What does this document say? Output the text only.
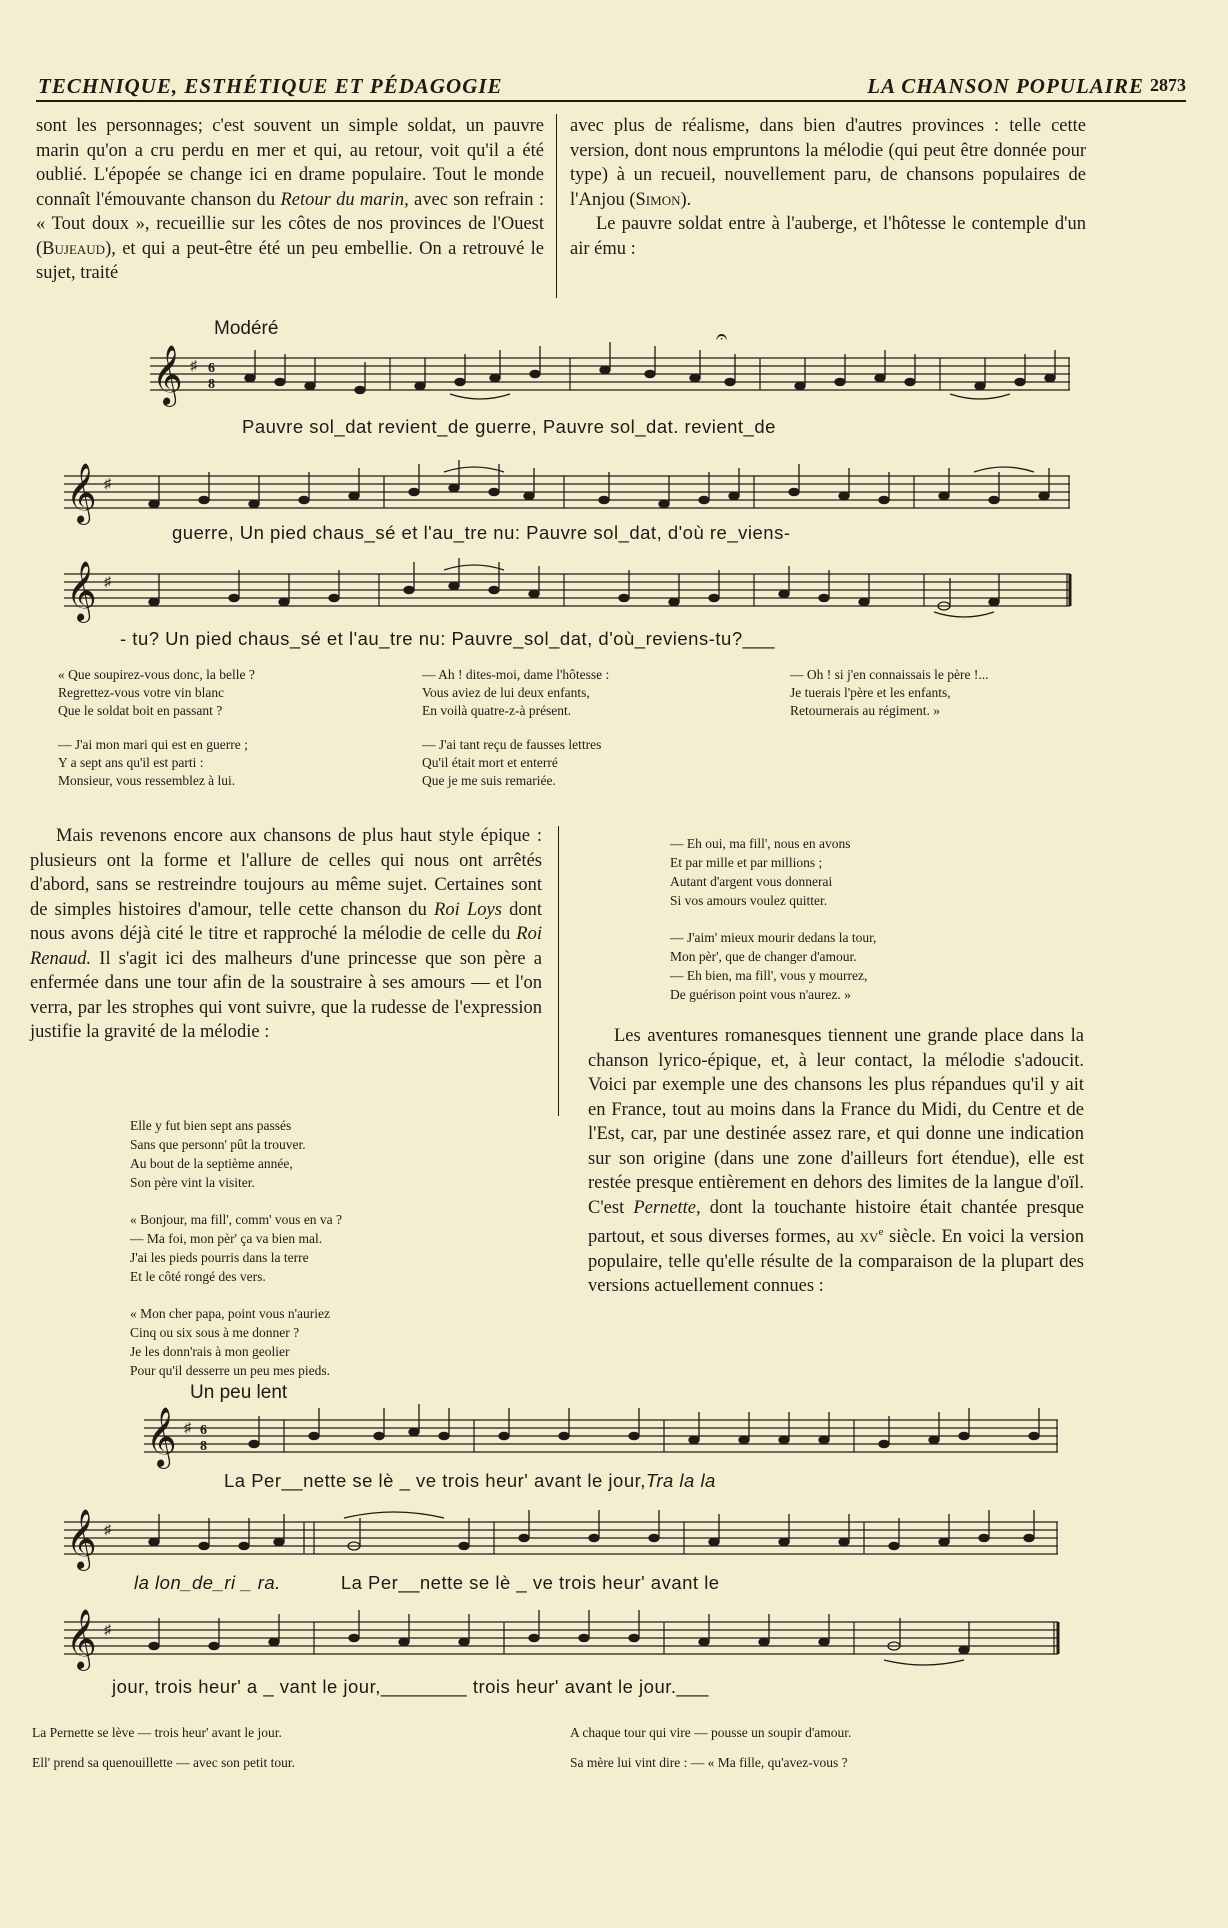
TECHNIQUE, ESTHÉTIQUE ET PÉDAGOGIE	LA CHANSON POPULAIRE 2873

sont les personnages; c'est souvent un simple soldat, un pauvre marin qu'on a cru perdu en mer et qui, au retour, voit qu'il a été oublié. L'épopée se change ici en drame populaire. Tout le monde connaît l'émouvante chanson du Retour du marin, avec son refrain : « Tout doux », recueillie sur les côtes de nos provinces de l'Ouest (Bujeaud), et qui a peut-être été un peu embellie. On a retrouvé le sujet, traité

avec plus de réalisme, dans bien d'autres provinces : telle cette version, dont nous empruntons la mélodie (qui peut être donnée pour type) à un recueil, nouvellement paru, de chansons populaires de l'Anjou (Simon).

Le pauvre soldat entre à l'auberge, et l'hôtesse le contemple d'un air ému :

Modéré
𝄞 ♯ 6
8
𝄐
Pauvre sol_dat revient_de guerre, Pauvre sol_dat. revient_de
𝄞 ♯
guerre, Un pied chaus_sé et l'au_tre nu: Pauvre sol_dat, d'où re_viens-
𝄞 ♯
- tu? Un pied chaus_sé et l'au_tre nu: Pauvre_sol_dat, d'où_reviens-tu?___

« Que soupirez-vous donc, la belle ?
Regrettez-vous votre vin blanc
Que le soldat boit en passant ?

— J'ai mon mari qui est en guerre ;
Y a sept ans qu'il est parti :
Monsieur, vous ressemblez à lui.

— Ah ! dites-moi, dame l'hôtesse :
Vous aviez de lui deux enfants,
En voilà quatre-z-à présent.

— J'ai tant reçu de fausses lettres
Qu'il était mort et enterré
Que je me suis remariée.

— Oh ! si j'en connaissais le père !...
Je tuerais l'père et les enfants,
Retournerais au régiment. »

Mais revenons encore aux chansons de plus haut style épique : plusieurs ont la forme et l'allure de celles qui nous ont arrêtés d'abord, sans se restreindre toujours au même sujet. Certaines sont de simples histoires d'amour, telle cette chanson du Roi Loys dont nous avons déjà cité le titre et rapproché la mélodie de celle du Roi Renaud. Il s'agit ici des malheurs d'une princesse que son père a enfermée dans une tour afin de la soustraire à ses amours — et l'on verra, par les strophes qui vont suivre, que la rudesse de l'expression justifie la gravité de la mélodie :

Elle y fut bien sept ans passés
Sans que personn' pût la trouver.
Au bout de la septième année,
Son père vint la visiter.

« Bonjour, ma fill', comm' vous en va ?
— Ma foi, mon pèr' ça va bien mal.
J'ai les pieds pourris dans la terre
Et le côté rongé des vers.

« Mon cher papa, point vous n'auriez
Cinq ou six sous à me donner ?
Je les donn'rais à mon geolier
Pour qu'il desserre un peu mes pieds.

— Eh oui, ma fill', nous en avons
Et par mille et par millions ;
Autant d'argent vous donnerai
Si vos amours voulez quitter.

— J'aim' mieux mourir dedans la tour,
Mon pèr', que de changer d'amour.
— Eh bien, ma fill', vous y mourrez,
De guérison point vous n'aurez. »

Les aventures romanesques tiennent une grande place dans la chanson lyrico-épique, et, à leur contact, la mélodie s'adoucit. Voici par exemple une des chansons les plus répandues qu'il y ait en France, tout au moins dans la France du Midi, du Centre et de l'Est, car, par une destinée assez rare, et qui donne une indication sur son origine (dans une zone d'ailleurs fort étendue), elle est restée presque entièrement en dehors des limites de la langue d'oïl. C'est Pernette, dont la touchante histoire était chantée presque partout, et sous diverses formes, au $xv^e$ siècle. En voici la version populaire, telle qu'elle résulte de la comparaison de la plupart des versions actuellement connues :

Un peu lent
𝄞 ♯ 6
8
La Per__nette se lè _ ve trois heur' avant le jour,Tra la la
𝄞 ♯
la lon_de_ri _ ra.	La Per__nette se lè _ ve trois heur' avant le
𝄞 ♯
jour, trois heur' a _ vant le jour,________ trois heur' avant le jour.___

La Pernette se lève — trois heur' avant le jour.
Ell' prend sa quenouillette — avec son petit tour.

A chaque tour qui vire — pousse un soupir d'amour.
Sa mère lui vint dire : — « Ma fille, qu'avez-vous ?
